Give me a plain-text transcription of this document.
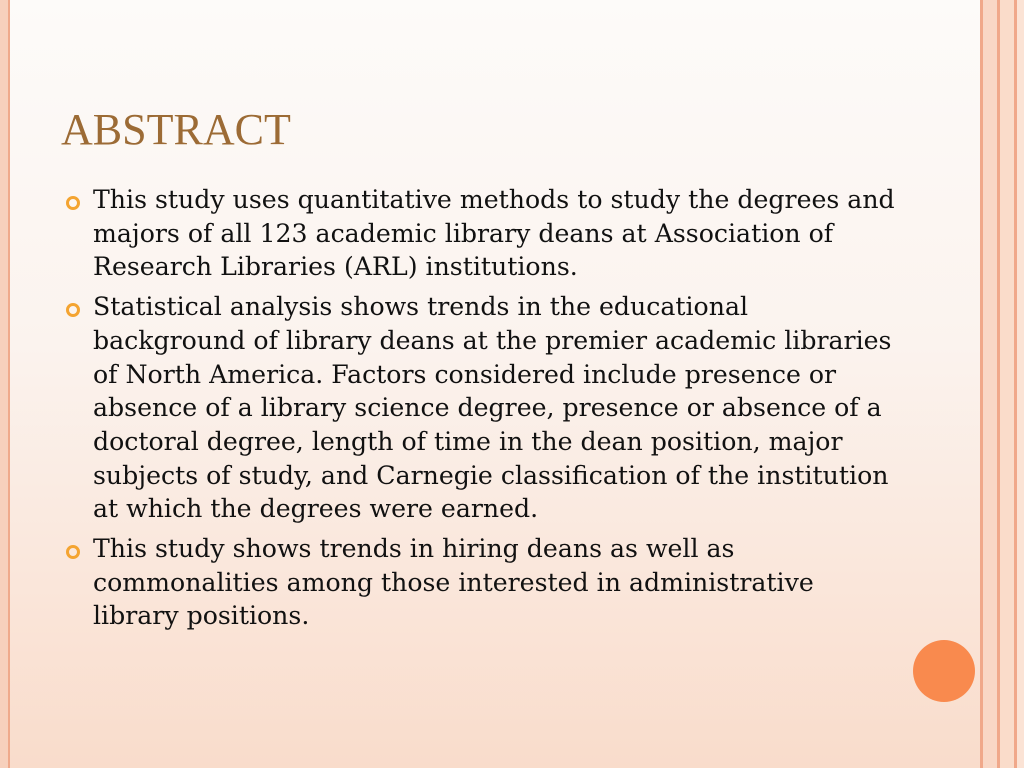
ABSTRACT
This study uses quantitative methods to study the degrees and majors of all 123 academic library deans at Association of Research Libraries (ARL) institutions.
Statistical analysis shows trends in the educational background of library deans at the premier academic libraries of North America. Factors considered include presence or absence of a library science degree, presence or absence of a doctoral degree, length of time in the dean position, major subjects of study, and Carnegie classification of the institution at which the degrees were earned.
This study shows trends in hiring deans as well as commonalities among those interested in administrative library positions.
